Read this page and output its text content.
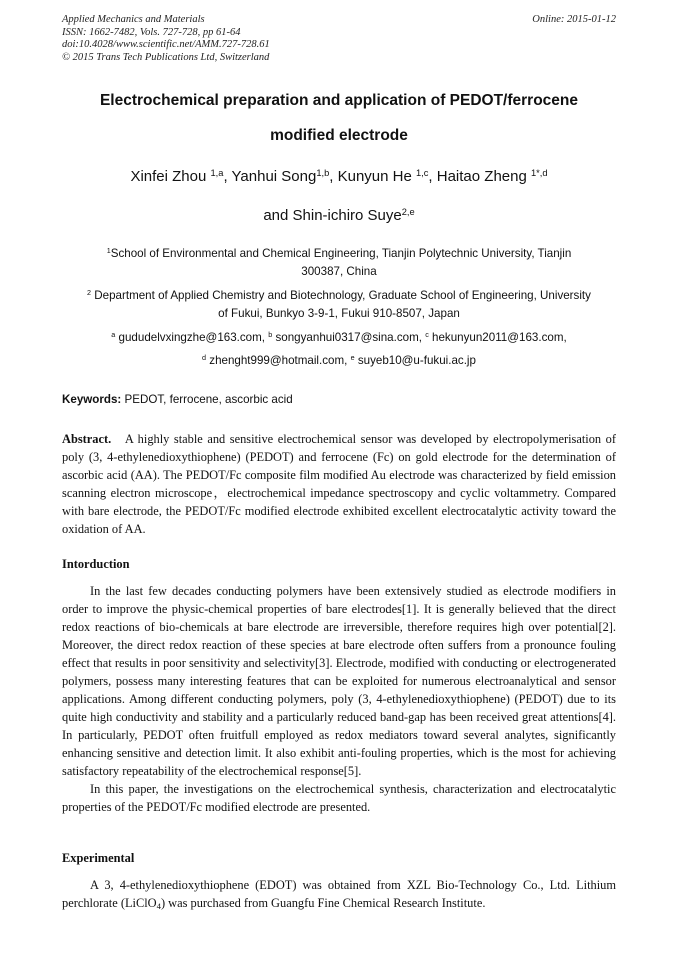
Applied Mechanics and Materials
ISSN: 1662-7482, Vols. 727-728, pp 61-64
doi:10.4028/www.scientific.net/AMM.727-728.61
© 2015 Trans Tech Publications Ltd, Switzerland
Online: 2015-01-12
Electrochemical preparation and application of PEDOT/ferrocene
modified electrode
Xinfei Zhou $^{1,a}$, Yanhui Song$^{1,b}$, Kunyun He $^{1,c}$, Haitao Zheng $^{1*,d}$
and Shin-ichiro Suye$^{2,e}$
$^1$School of Environmental and Chemical Engineering, Tianjin Polytechnic University, Tianjin
300387, China
$^2$ Department of Applied Chemistry and Biotechnology, Graduate School of Engineering, University
of Fukui, Bunkyo 3-9-1, Fukui 910-8507, Japan
$^a$ gududelvxingzhe@163.com, $^b$ songyanhui0317@sina.com, $^c$ hekunyun2011@163.com,
$^d$ zhenght999@hotmail.com, $^e$ suyeb10@u-fukui.ac.jp
Keywords: PEDOT, ferrocene, ascorbic acid

Abstract. A highly stable and sensitive electrochemical sensor was developed by electropolymerisation of poly (3, 4-ethylenedioxythiophene) (PEDOT) and ferrocene (Fc) on gold electrode for the determination of ascorbic acid (AA). The PEDOT/Fc composite film modified Au electrode was characterized by field emission scanning electron microscope，electrochemical impedance spectroscopy and cyclic voltammetry. Compared with bare electrode, the PEDOT/Fc modified electrode exhibited excellent electrocatalytic activity toward the oxidation of AA.

Intorduction

In the last few decades conducting polymers have been extensively studied as electrode modifiers in order to improve the physic-chemical properties of bare electrodes[1]. It is generally believed that the direct redox reactions of bio-chemicals at bare electrode are irreversible, therefore requires high over potential[2]. Moreover, the direct redox reaction of these species at bare electrode often suffers from a pronounce fouling effect that results in poor sensitivity and selectivity[3]. Electrode, modified with conducting or electrogenerated polymers, possess many interesting features that can be exploited for numerous electroanalytical and sensor applications. Among different conducting polymers, poly (3, 4-ethylenedioxythiophene) (PEDOT) due to its quite high conductivity and stability and a particularly reduced band-gap has been received great attentions[4]. In particularly, PEDOT often fruitfull employed as redox mediators toward several analytes, significantly enhancing sensitive and detection limit. It also exhibit anti-fouling properties, which is the most for achieving satisfactory repeatability of the electrochemical response[5].

In this paper, the investigations on the electrochemical synthesis, characterization and electrocatalytic properties of the PEDOT/Fc modified electrode are presented.

Experimental

A 3, 4-ethylenedioxythiophene (EDOT) was obtained from XZL Bio-Technology Co., Ltd. Lithium perchlorate (LiClO$_4$) was purchased from Guangfu Fine Chemical Research Institute.
